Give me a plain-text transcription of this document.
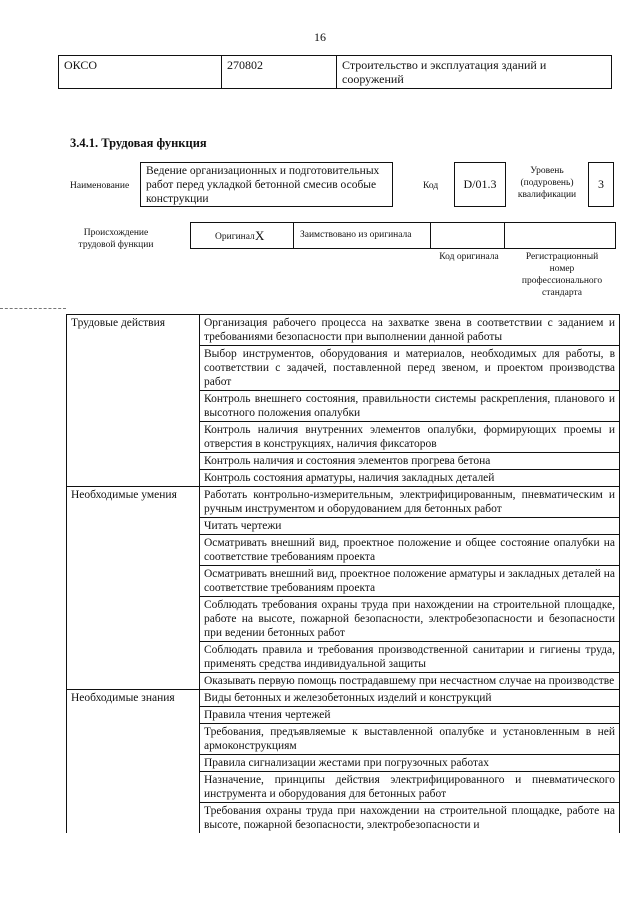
16
ОКСО	270802	Строительство и эксплуатация зданий и сооружений
3.4.1. Трудовая функция
Наименование
Ведение организационных и подготовительных работ перед укладкой бетонной смесив особые конструкции
Код	D/01.3
Уровень (подуровень) квалификации
3
Происхождение трудовой функции
Оригинал X	Заимствовано из оригинала
Код оригинала	Регистрационный номер профессионального стандарта
Трудовые действия	Организация рабочего процесса на захватке звена в соответствии с заданием и требованиями безопасности при выполнении данной работы
	Выбор инструментов, оборудования и материалов, необходимых для работы, в соответствии с задачей, поставленной перед звеном, и проектом производства работ
	Контроль внешнего состояния, правильности системы раскрепления, планового и высотного положения опалубки
	Контроль наличия внутренних элементов опалубки, формирующих проемы и отверстия в конструкциях, наличия фиксаторов
	Контроль наличия и состояния элементов прогрева бетона
	Контроль состояния арматуры, наличия закладных деталей
Необходимые умения	Работать контрольно-измерительным, электрифицированным, пневматическим и ручным инструментом и оборудованием для бетонных работ
	Читать чертежи
	Осматривать внешний вид, проектное положение и общее состояние опалубки на соответствие требованиям проекта
	Осматривать внешний вид, проектное положение арматуры и закладных деталей на соответствие требованиям проекта
	Соблюдать требования охраны труда при нахождении на строительной площадке, работе на высоте, пожарной безопасности, электробезопасности и безопасности при ведении бетонных работ
	Соблюдать правила и требования производственной санитарии и гигиены труда, применять средства индивидуальной защиты
	Оказывать первую помощь пострадавшему при несчастном случае на производстве
Необходимые знания	Виды бетонных и железобетонных изделий и конструкций
	Правила чтения чертежей
	Требования, предъявляемые к выставленной опалубке и установленным в ней армоконструкциям
	Правила сигнализации жестами при погрузочных работах
	Назначение, принципы действия электрифицированного и пневматического инструмента и оборудования для бетонных работ
	Требования охраны труда при нахождении на строительной площадке, работе на высоте, пожарной безопасности, электробезопасности и
